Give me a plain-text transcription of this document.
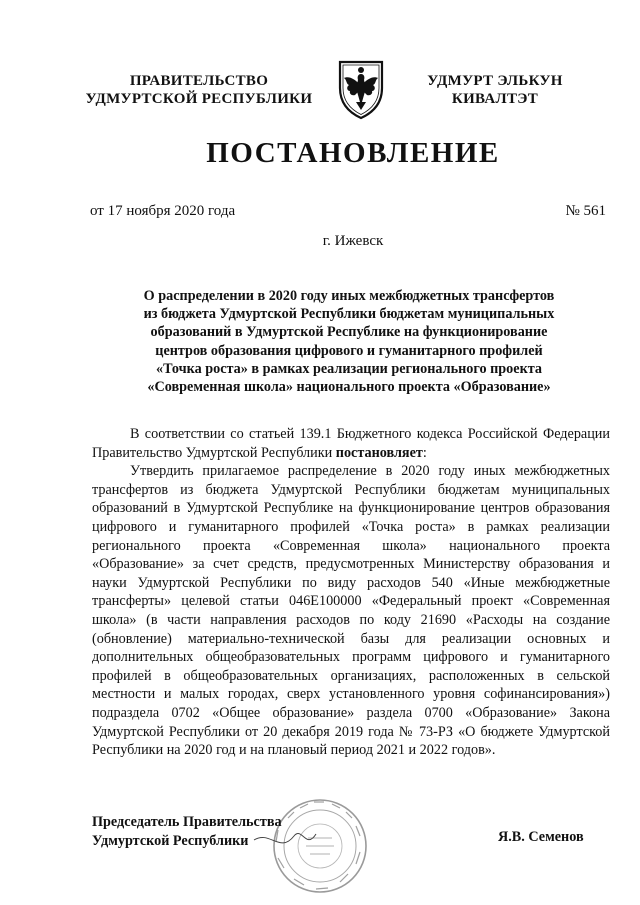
ПРАВИТЕЛЬСТВО
УДМУРТСКОЙ РЕСПУБЛИКИ
УДМУРТ ЭЛЬКУН
КИВАЛТЭТ
ПОСТАНОВЛЕНИЕ
от 17 ноября 2020 года	№ 561
г. Ижевск
О распределении в 2020 году иных межбюджетных трансфертов
из бюджета Удмуртской Республики бюджетам муниципальных
образований в Удмуртской Республике на функционирование
центров образования цифрового и гуманитарного профилей
«Точка роста» в рамках реализации регионального проекта
«Современная школа» национального проекта «Образование»

В соответствии со статьей 139.1 Бюджетного кодекса Российской Федерации Правительство Удмуртской Республики постановляет:

Утвердить прилагаемое распределение в 2020 году иных межбюджетных трансфертов из бюджета Удмуртской Республики бюджетам муниципальных образований в Удмуртской Республике на функционирование центров образования цифрового и гуманитарного профилей «Точка роста» в рамках реализации регионального проекта «Современная школа» национального проекта «Образование» за счет средств, предусмотренных Министерству образования и науки Удмуртской Республики по виду расходов 540 «Иные межбюджетные трансферты» целевой статьи 046E100000 «Федеральный проект «Современная школа» (в части направления расходов по коду 21690 «Расходы на создание (обновление) материально-технической базы для реализации основных и дополнительных общеобразовательных программ цифрового и гуманитарного профилей в общеобразовательных организациях, расположенных в сельской местности и малых городах, сверх установленного уровня софинансирования») подраздела 0702 «Общее образование» раздела 0700 «Образование» Закона Удмуртской Республики от 20 декабря 2019 года № 73-РЗ «О бюджете Удмуртской Республики на 2020 год и на плановый период 2021 и 2022 годов».

Председатель Правительства
Удмуртской Республики	Я.В. Семенов
